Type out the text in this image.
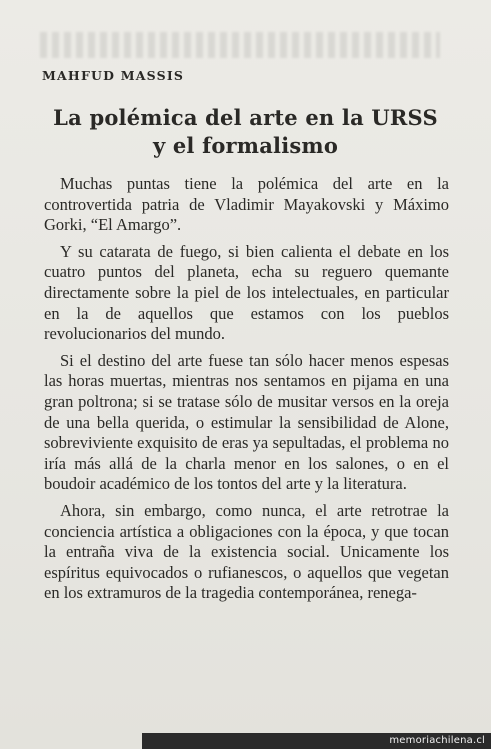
MAHFUD MASSIS
La polémica del arte en la URSS
y el formalismo

Muchas puntas tiene la polémica del arte en la controvertida patria de Vladimir Mayakovski y Máximo Gorki, “El Amargo”.

Y su catarata de fuego, si bien calienta el debate en los cuatro puntos del planeta, echa su reguero quemante directamente sobre la piel de los intelectuales, en particular en la de aquellos que estamos con los pueblos revolucionarios del mundo.

Si el destino del arte fuese tan sólo hacer menos espesas las horas muertas, mientras nos sentamos en pijama en una gran poltrona; si se tratase sólo de musitar versos en la oreja de una bella querida, o estimular la sensibilidad de Alone, sobreviviente exquisito de eras ya sepultadas, el problema no iría más allá de la charla menor en los salones, o en el boudoir académico de los tontos del arte y la literatura.

Ahora, sin embargo, como nunca, el arte retrotrae la conciencia artística a obligaciones con la época, y que tocan la entraña viva de la existencia social. Unicamente los espíritus equivocados o rufianescos, o aquellos que vegetan en los extramuros de la tragedia contemporánea, renega-

memoriachilena.cl
